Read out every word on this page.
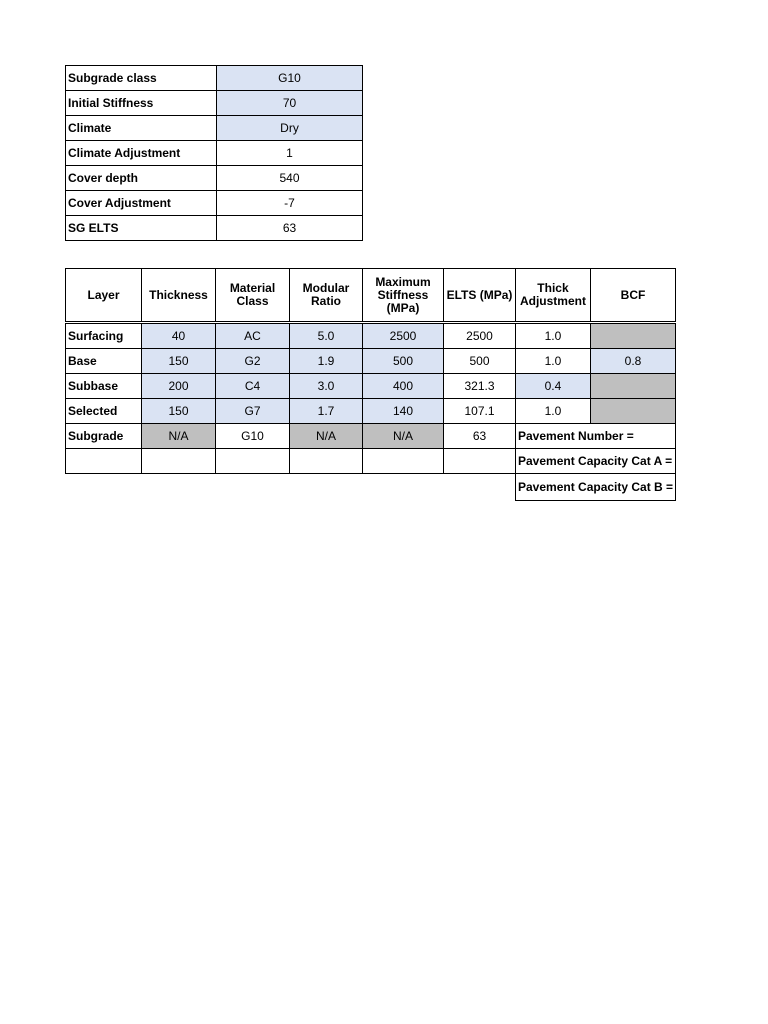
Subgrade class	G10
Initial Stiffness	70
Climate	Dry
Climate Adjustment	1
Cover depth	540
Cover Adjustment	-7
SG ELTS	63
Layer	Thickness	Material Class	Modular Ratio	Maximum Stiffness (MPa)	ELTS (MPa)	Thick Adjustment	BCF
Surfacing	40	AC	5.0	2500	2500	1.0	
Base	150	G2	1.9	500	500	1.0	0.8
Subbase	200	C4	3.0	400	321.3	0.4	
Selected	150	G7	1.7	140	107.1	1.0	
Subgrade	N/A	G10	N/A	N/A	63	Pavement Number =	
						Pavement Capacity Cat A =	
						Pavement Capacity Cat B =	
